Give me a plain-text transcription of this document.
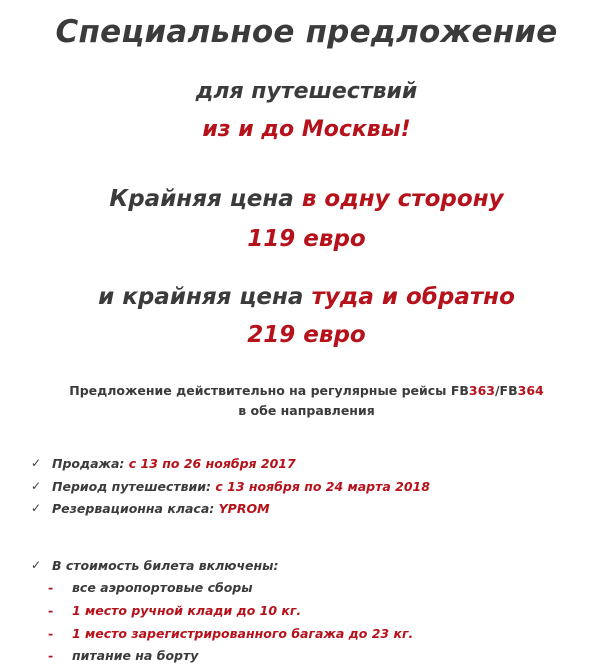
Специальное предложение
для путешествий
из и до Москвы!
Крайняя цена в одну сторону
119 евро
и крайняя цена туда и обратно
219 евро
Предложение действительно на регулярные рейсы FB363/FB364
в обе направления
✓ Продажа: с 13 по 26 ноября 2017
✓ Период путешествии: с 13 ноября по 24 марта 2018
✓ Резервационна класа: YPROM
✓ В стоимость билета включены:
- все аэропортовые сборы
- 1 место ручной клади до 10 кг.
- 1 место зарегистрированного багажа до 23 кг.
- питание на борту
